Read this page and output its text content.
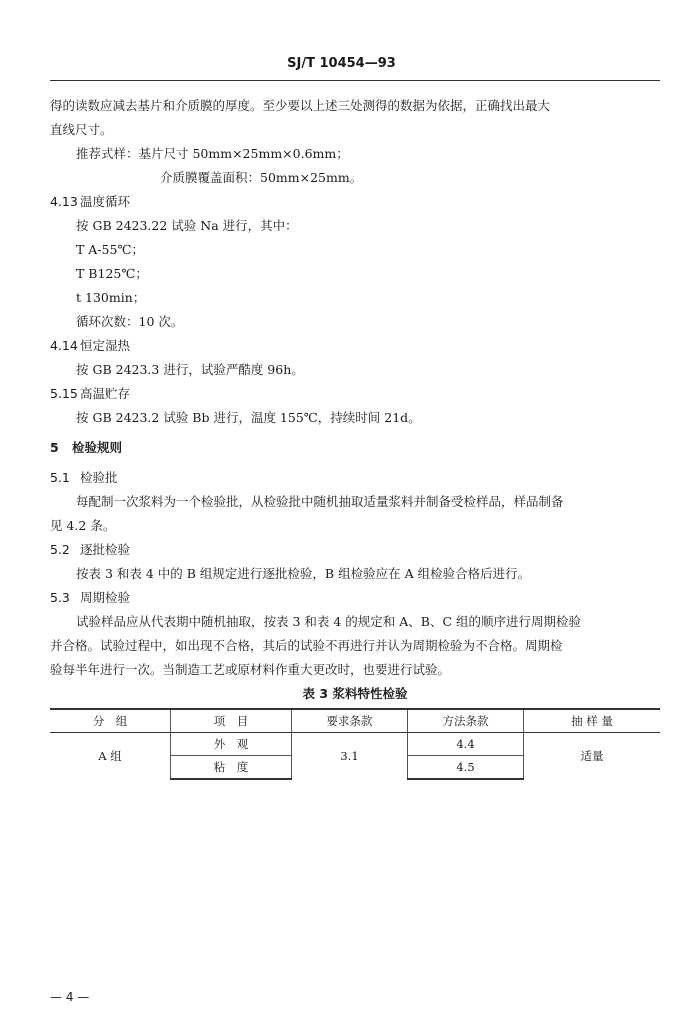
SJ/T 10454—93

得的读数应减去基片和介质膜的厚度。至少要以上述三处测得的数据为依据，正确找出最大

直线尺寸。

推荐式样：基片尺寸 50mm×25mm×0.6mm；

介质膜覆盖面积：50mm×25mm。

4.13 温度循环

按 GB 2423.22 试验 Na 进行，其中：

T A-55℃；

T B125℃；

t 130min；

循环次数：10 次。

4.14 恒定湿热

按 GB 2423.3 进行，试验严酷度 96h。

5.15 高温贮存

按 GB 2423.2 试验 Bb 进行，温度 155℃，持续时间 21d。

5 检验规则

5.1 检验批

每配制一次浆料为一个检验批，从检验批中随机抽取适量浆料并制备受检样品，样品制备

见 4.2 条。

5.2 逐批检验

按表 3 和表 4 中的 B 组规定进行逐批检验，B 组检验应在 A 组检验合格后进行。

5.3 周期检验

试验样品应从代表期中随机抽取，按表 3 和表 4 的规定和 A、B、C 组的顺序进行周期检验

并合格。试验过程中，如出现不合格，其后的试验不再进行并认为周期检验为不合格。周期检

验每半年进行一次。当制造工艺或原材料作重大更改时，也要进行试验。

表 3 浆料特性检验
分　组	项　目	要求条款	方法条款	抽 样 量
A 组	外　观	3.1	4.4	适量
	粘　度		4.5	
— 4 —
